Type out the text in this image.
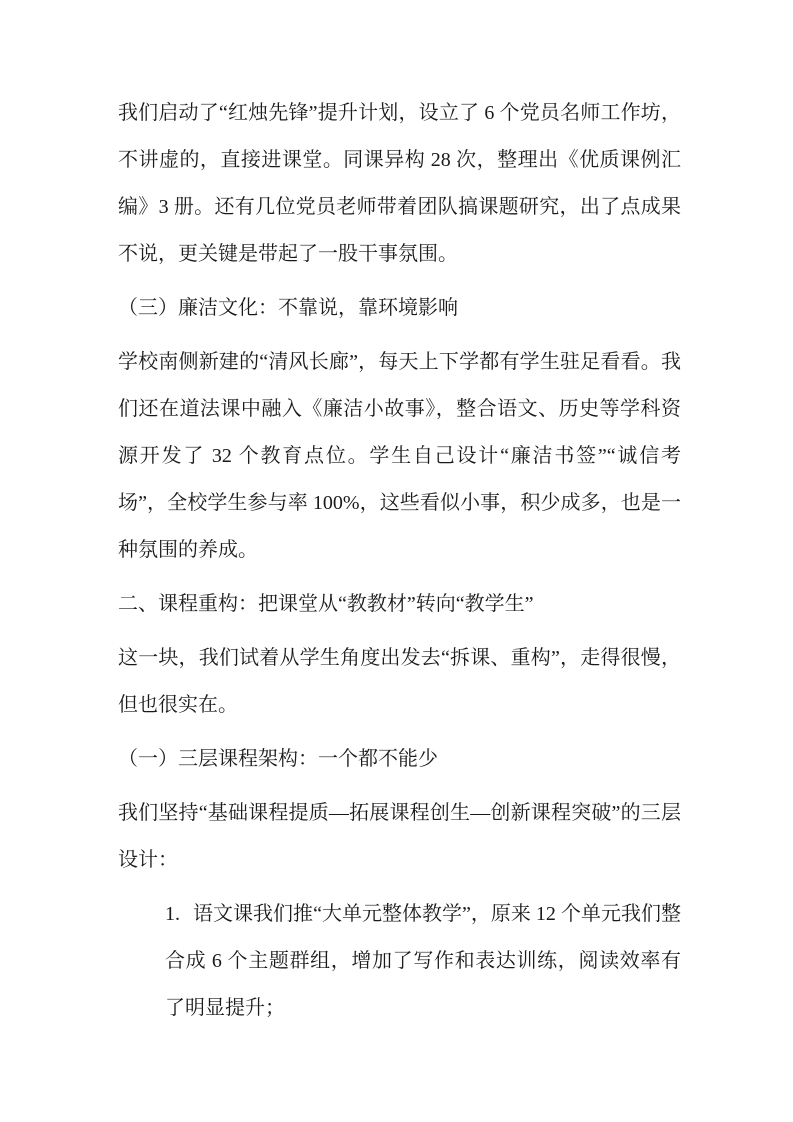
我们启动了“红烛先锋”提升计划，设立了 6 个党员名师工作坊，不讲虚的，直接进课堂。同课异构 28 次，整理出《优质课例汇编》3 册。还有几位党员老师带着团队搞课题研究，出了点成果不说，更关键是带起了一股干事氛围。

（三）廉洁文化：不靠说，靠环境影响

学校南侧新建的“清风长廊”，每天上下学都有学生驻足看看。我们还在道法课中融入《廉洁小故事》，整合语文、历史等学科资源开发了 32 个教育点位。学生自己设计“廉洁书签”“诚信考场”，全校学生参与率 100%，这些看似小事，积少成多，也是一种氛围的养成。

二、课程重构：把课堂从“教教材”转向“教学生”

这一块，我们试着从学生角度出发去“拆课、重构”，走得很慢，但也很实在。

（一）三层课程架构：一个都不能少

我们坚持“基础课程提质—拓展课程创生—创新课程突破”的三层设计：

1. 语文课我们推“大单元整体教学”，原来 12 个单元我们整合成 6 个主题群组，增加了写作和表达训练，阅读效率有了明显提升；
